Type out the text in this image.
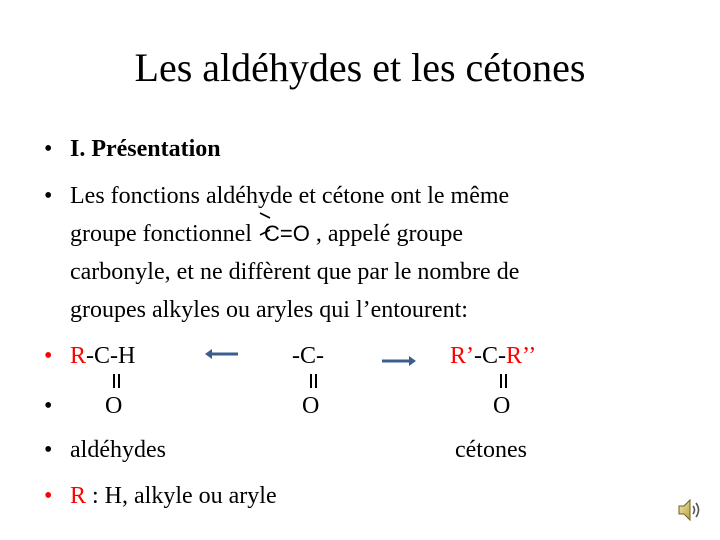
Les aldéhydes et les cétones
• I. Présentation
• Les fonctions aldéhyde et cétone ont le même
groupe fonctionnel C=O , appelé groupe
carbonyle, et ne diffèrent que par le nombre de
groupes alkyles ou aryles qui l’entourent:
• R-C-H	-C-	R’-C-R’’
• O	O	O
• aldéhydes	cétones
• R : H, alkyle ou aryle
